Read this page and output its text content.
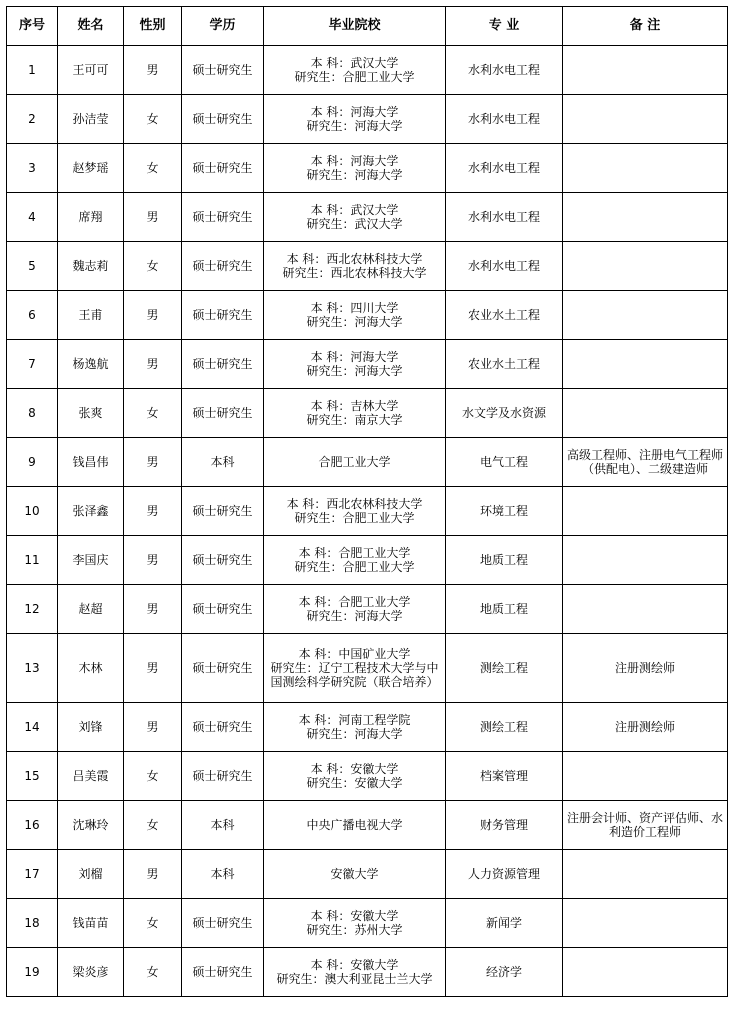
序号	姓名	性别	学历	毕业院校	专 业	备 注
1	王可可	男	硕士研究生	本 科：武汉大学
研究生：合肥工业大学	水利水电工程	
2	孙洁莹	女	硕士研究生	本 科：河海大学
研究生：河海大学	水利水电工程	
3	赵梦瑶	女	硕士研究生	本 科：河海大学
研究生：河海大学	水利水电工程	
4	席翔	男	硕士研究生	本 科：武汉大学
研究生：武汉大学	水利水电工程	
5	魏志莉	女	硕士研究生	本 科：西北农林科技大学
研究生：西北农林科技大学	水利水电工程	
6	王甫	男	硕士研究生	本 科：四川大学
研究生：河海大学	农业水土工程	
7	杨逸航	男	硕士研究生	本 科：河海大学
研究生：河海大学	农业水土工程	
8	张爽	女	硕士研究生	本 科：吉林大学
研究生：南京大学	水文学及水资源	
9	钱昌伟	男	本科	合肥工业大学	电气工程	高级工程师、注册电气工程师（供配电）、二级建造师
10	张泽鑫	男	硕士研究生	本 科：西北农林科技大学
研究生：合肥工业大学	环境工程	
11	李国庆	男	硕士研究生	本 科：合肥工业大学
研究生：合肥工业大学	地质工程	
12	赵超	男	硕士研究生	本 科：合肥工业大学
研究生：河海大学	地质工程	
13	木林	男	硕士研究生	本 科：中国矿业大学
研究生：辽宁工程技术大学与中国测绘科学研究院（联合培养）	测绘工程	注册测绘师
14	刘锋	男	硕士研究生	本 科：河南工程学院
研究生：河海大学	测绘工程	注册测绘师
15	吕美霞	女	硕士研究生	本 科：安徽大学
研究生：安徽大学	档案管理	
16	沈琳玲	女	本科	中央广播电视大学	财务管理	注册会计师、资产评估师、水利造价工程师
17	刘榴	男	本科	安徽大学	人力资源管理	
18	钱苗苗	女	硕士研究生	本 科：安徽大学
研究生：苏州大学	新闻学	
19	梁炎彦	女	硕士研究生	本 科：安徽大学
研究生：澳大利亚昆士兰大学	经济学	
